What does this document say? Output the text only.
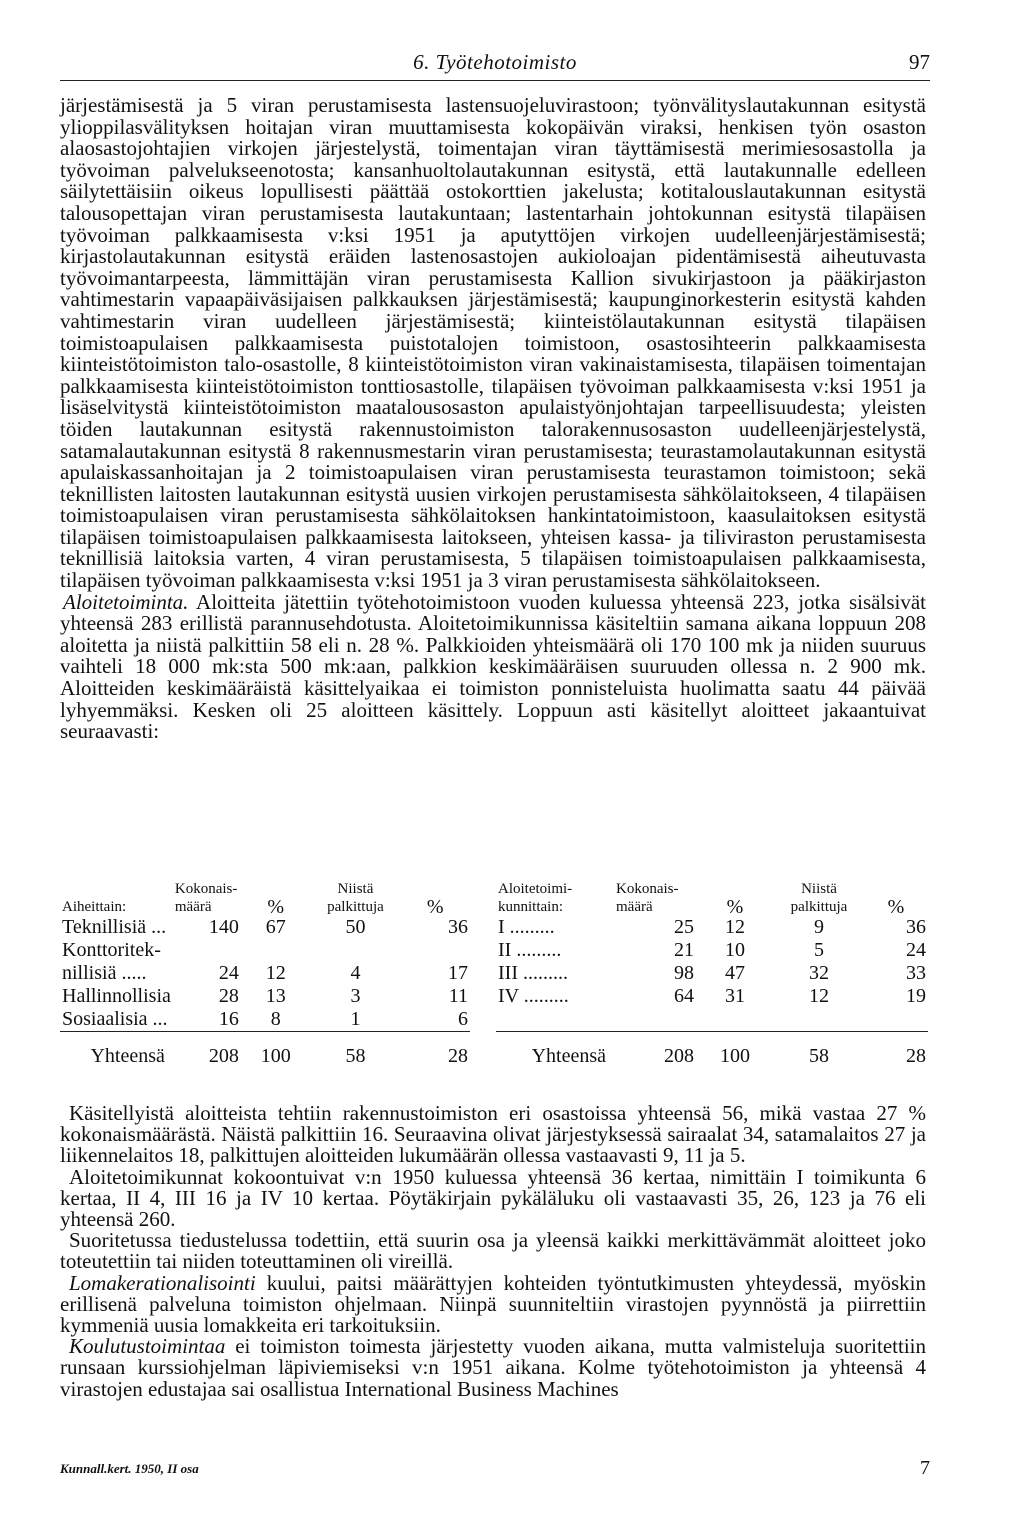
6. Työtehotoimisto	97

järjestämisestä ja 5 viran perustamisesta lastensuojeluvirastoon; työnvälityslautakunnan esitystä ylioppilasvälityksen hoitajan viran muuttamisesta kokopäivän viraksi, henkisen työn osaston alaosastojohtajien virkojen järjestelystä, toimentajan viran täyttämisestä merimiesosastolla ja työvoiman palvelukseenotosta; kansanhuoltolautakunnan esitystä, että lautakunnalle edelleen säilytettäisiin oikeus lopullisesti päättää ostokorttien jakelusta; kotitalouslautakunnan esitystä talousopettajan viran perustamisesta lautakuntaan; lastentarhain johtokunnan esitystä tilapäisen työvoiman palkkaamisesta v:ksi 1951 ja aputyttöjen virkojen uudelleenjärjestämisestä; kirjastolautakunnan esitystä eräiden lastenosastojen aukioloajan pidentämisestä aiheutuvasta työvoimantarpeesta, lämmittäjän viran perustamisesta Kallion sivukirjastoon ja pääkirjaston vahtimestarin vapaapäiväsijaisen palkkauksen järjestämisestä; kaupunginorkesterin esitystä kahden vahtimestarin viran uudelleen järjestämisestä; kiinteistölautakunnan esitystä tilapäisen toimistoapulaisen palkkaamisesta puistotalojen toimistoon, osastosihteerin palkkaamisesta kiinteistötoimiston talo-osastolle, 8 kiinteistötoimiston viran vakinaistamisesta, tilapäisen toimentajan palkkaamisesta kiinteistötoimiston tonttiosastolle, tilapäisen työvoiman palkkaamisesta v:ksi 1951 ja lisäselvitystä kiinteistötoimiston maatalousosaston apulaistyönjohtajan tarpeellisuudesta; yleisten töiden lautakunnan esitystä rakennustoimiston talorakennusosaston uudelleenjärjestelystä, satamalautakunnan esitystä 8 rakennusmestarin viran perustamisesta; teurastamolautakunnan esitystä apulaiskassanhoitajan ja 2 toimistoapulaisen viran perustamisesta teurastamon toimistoon; sekä teknillisten laitosten lautakunnan esitystä uusien virkojen perustamisesta sähkölaitokseen, 4 tilapäisen toimistoapulaisen viran perustamisesta sähkölaitoksen hankintatoimistoon, kaasulaitoksen esitystä tilapäisen toimistoapulaisen palkkaamisesta laitokseen, yhteisen kassa- ja tiliviraston perustamisesta teknillisiä laitoksia varten, 4 viran perustamisesta, 5 tilapäisen toimistoapulaisen palkkaamisesta, tilapäisen työvoiman palkkaamisesta v:ksi 1951 ja 3 viran perustamisesta sähkölaitokseen.

Aloitetoiminta. Aloitteita jätettiin työtehotoimistoon vuoden kuluessa yhteensä 223, jotka sisälsivät yhteensä 283 erillistä parannusehdotusta. Aloitetoimikunnissa käsiteltiin samana aikana loppuun 208 aloitetta ja niistä palkittiin 58 eli n. 28 %. Palkkioiden yhteismäärä oli 170 100 mk ja niiden suuruus vaihteli 18 000 mk:sta 500 mk:aan, palkkion keskimääräisen suuruuden ollessa n. 2 900 mk. Aloitteiden keskimääräistä käsittelyaikaa ei toimiston ponnisteluista huolimatta saatu 44 päivää lyhyemmäksi. Kesken oli 25 aloitteen käsittely. Loppuun asti käsitellyt aloitteet jakaantuivat seuraavasti:

	Kokonais-		Niistä	
Aiheittain:	määrä	%	palkittuja	%
Teknillisiä ...	140	67	50	36
Konttoritek-				
nillisiä .....	24	12	4	17
Hallinnollisia	28	13	3	11
Sosiaalisia ...	16	8	1	6
Yhteensä	208	100	58	28
Aloitetoimi-	Kokonais-		Niistä	
kunnittain:	määrä	%	palkittuja	%
I .........	25	12	9	36
II .........	21	10	5	24
III .........	98	47	32	33
IV .........	64	31	12	19

Yhteensä	208	100	58	28

Käsitellyistä aloitteista tehtiin rakennustoimiston eri osastoissa yhteensä 56, mikä vastaa 27 % kokonaismäärästä. Näistä palkittiin 16. Seuraavina olivat järjestyksessä sairaalat 34, satamalaitos 27 ja liikennelaitos 18, palkittujen aloitteiden lukumäärän ollessa vastaavasti 9, 11 ja 5.

Aloitetoimikunnat kokoontuivat v:n 1950 kuluessa yhteensä 36 kertaa, nimittäin I toimikunta 6 kertaa, II 4, III 16 ja IV 10 kertaa. Pöytäkirjain pykäläluku oli vastaavasti 35, 26, 123 ja 76 eli yhteensä 260.

Suoritetussa tiedustelussa todettiin, että suurin osa ja yleensä kaikki merkittävämmät aloitteet joko toteutettiin tai niiden toteuttaminen oli vireillä.

Lomakerationalisointi kuului, paitsi määrättyjen kohteiden työntutkimusten yhteydessä, myöskin erillisenä palveluna toimiston ohjelmaan. Niinpä suunniteltiin virastojen pyynnöstä ja piirrettiin kymmeniä uusia lomakkeita eri tarkoituksiin.

Koulutustoimintaa ei toimiston toimesta järjestetty vuoden aikana, mutta valmisteluja suoritettiin runsaan kurssiohjelman läpiviemiseksi v:n 1951 aikana. Kolme työtehotoimiston ja yhteensä 4 virastojen edustajaa sai osallistua International Business Machines

Kunnall.kert. 1950, II osa	7
